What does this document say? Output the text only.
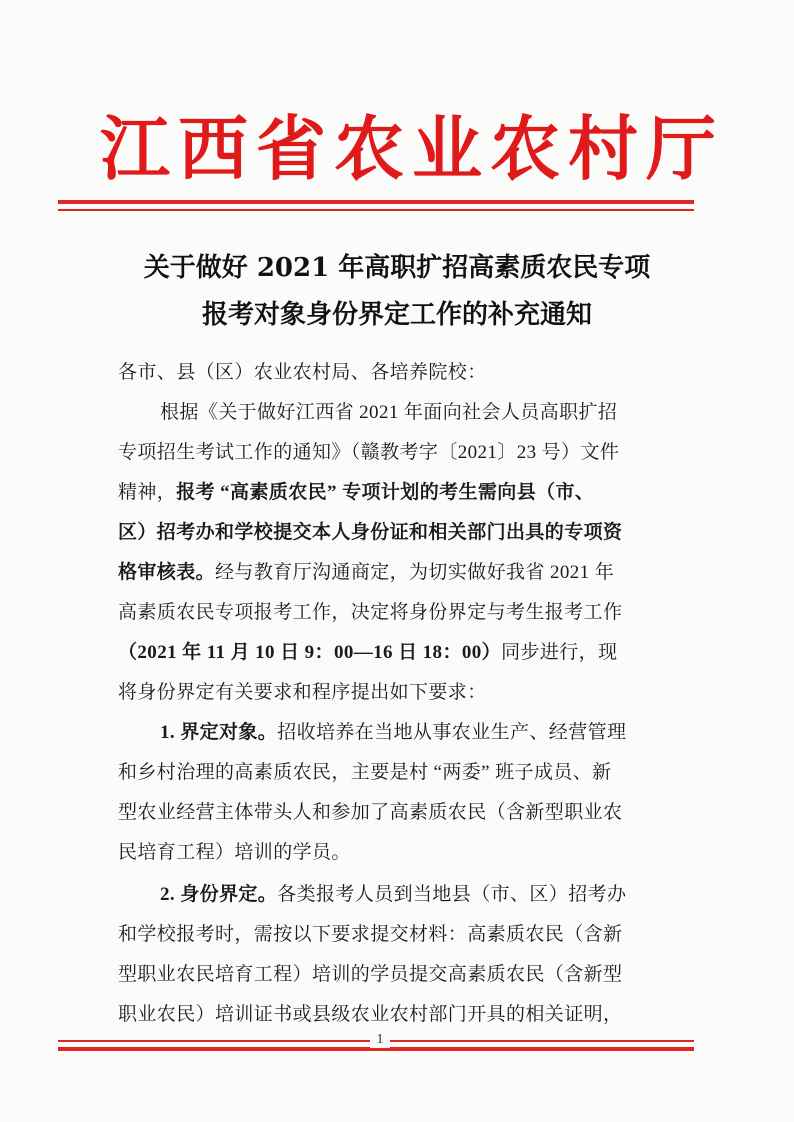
江西省农业农村厅
关于做好 2021 年高职扩招高素质农民专项
报考对象身份界定工作的补充通知
各市、县（区）农业农村局、各培养院校：
根据《关于做好江西省 2021 年面向社会人员高职扩招
专项招生考试工作的通知》（赣教考字〔2021〕23 号）文件
精神，报考 “高素质农民” 专项计划的考生需向县（市、
区）招考办和学校提交本人身份证和相关部门出具的专项资
格审核表。经与教育厅沟通商定，为切实做好我省 2021 年
高素质农民专项报考工作，决定将身份界定与考生报考工作
（2021 年 11 月 10 日 9：00—16 日 18：00）同步进行，现
将身份界定有关要求和程序提出如下要求：
1. 界定对象。招收培养在当地从事农业生产、经营管理
和乡村治理的高素质农民，主要是村 “两委” 班子成员、新
型农业经营主体带头人和参加了高素质农民（含新型职业农
民培育工程）培训的学员。
2. 身份界定。各类报考人员到当地县（市、区）招考办
和学校报考时，需按以下要求提交材料：高素质农民（含新
型职业农民培育工程）培训的学员提交高素质农民（含新型
1
职业农民）培训证书或县级农业农村部门开具的相关证明，
